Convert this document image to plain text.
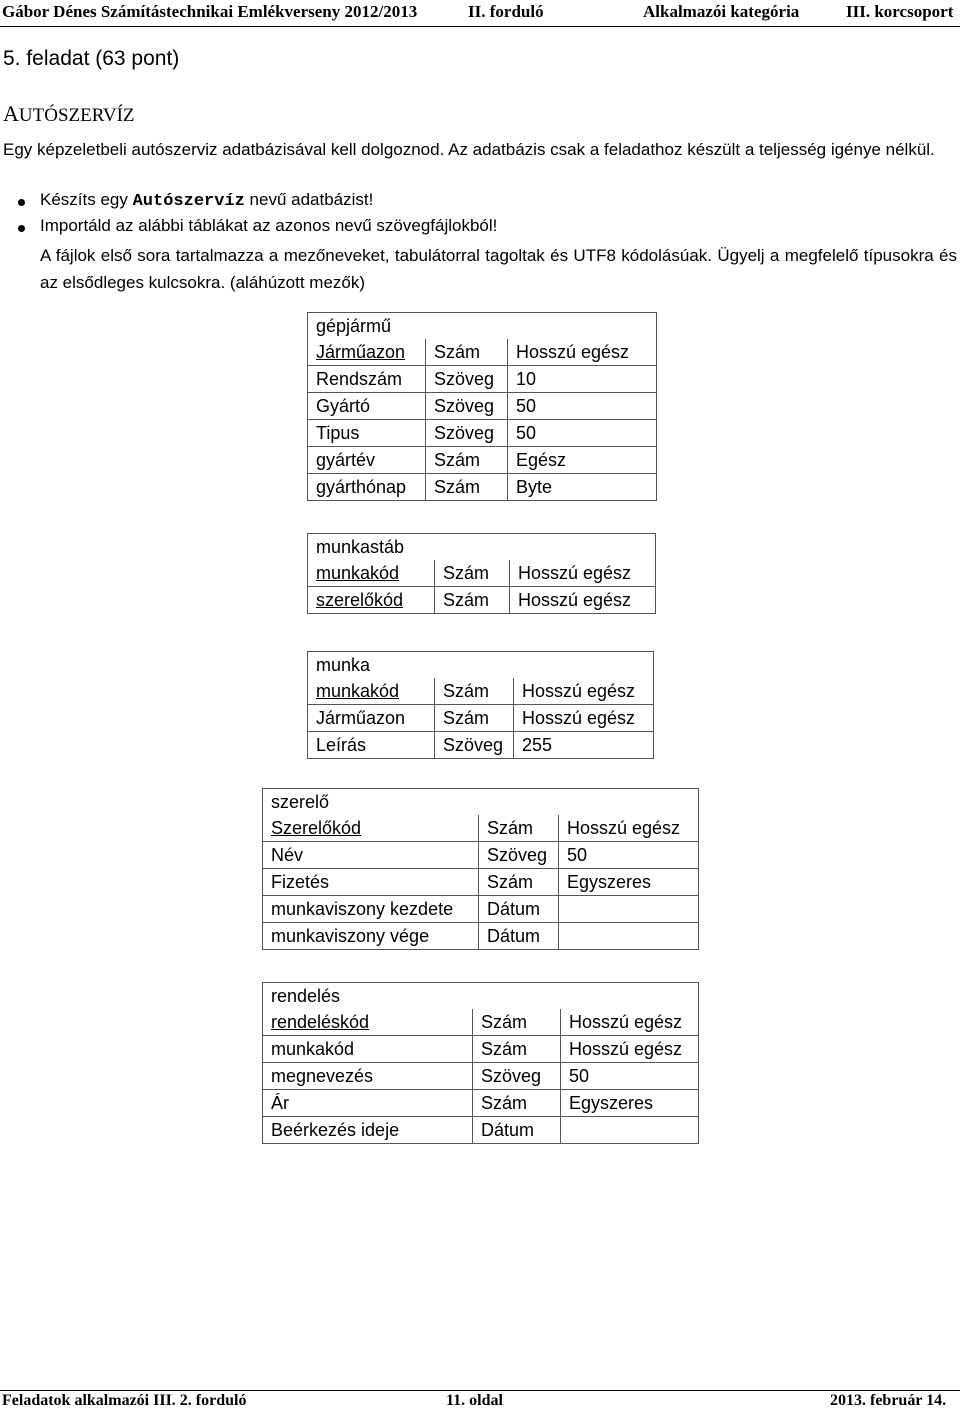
Gábor Dénes Számítástechnikai Emlékverseny 2012/2013	II. forduló	Alkalmazói kategória	III. korcsoport
5. feladat (63 pont)
AUTÓSZERVÍZ
Egy képzeletbeli autószerviz adatbázisával kell dolgoznod. Az adatbázis csak a feladathoz készült a teljesség igénye nélkül.
Készíts egy Autószervíz nevű adatbázist!
Importáld az alábbi táblákat az azonos nevű szövegfájlokból!
A fájlok első sora tartalmazza a mezőneveket, tabulátorral tagoltak és UTF8 kódolásúak. Ügyelj a megfelelő típusokra és az elsődleges kulcsokra. (aláhúzott mezők)
gépjármű		
Járműazon	Szám	Hosszú egész
Rendszám	Szöveg	10
Gyártó	Szöveg	50
Tipus	Szöveg	50
gyártév	Szám	Egész
gyárthónap	Szám	Byte
munkastáb		
munkakód	Szám	Hosszú egész
szerelőkód	Szám	Hosszú egész
munka		
munkakód	Szám	Hosszú egész
Járműazon	Szám	Hosszú egész
Leírás	Szöveg	255
szerelő		
Szerelőkód	Szám	Hosszú egész
Név	Szöveg	50
Fizetés	Szám	Egyszeres
munkaviszony kezdete	Dátum	
munkaviszony vége	Dátum	
rendelés		
rendeléskód	Szám	Hosszú egész
munkakód	Szám	Hosszú egész
megnevezés	Szöveg	50
Ár	Szám	Egyszeres
Beérkezés ideje	Dátum	
Feladatok alkalmazói III. 2. forduló	11. oldal	2013. február 14.
